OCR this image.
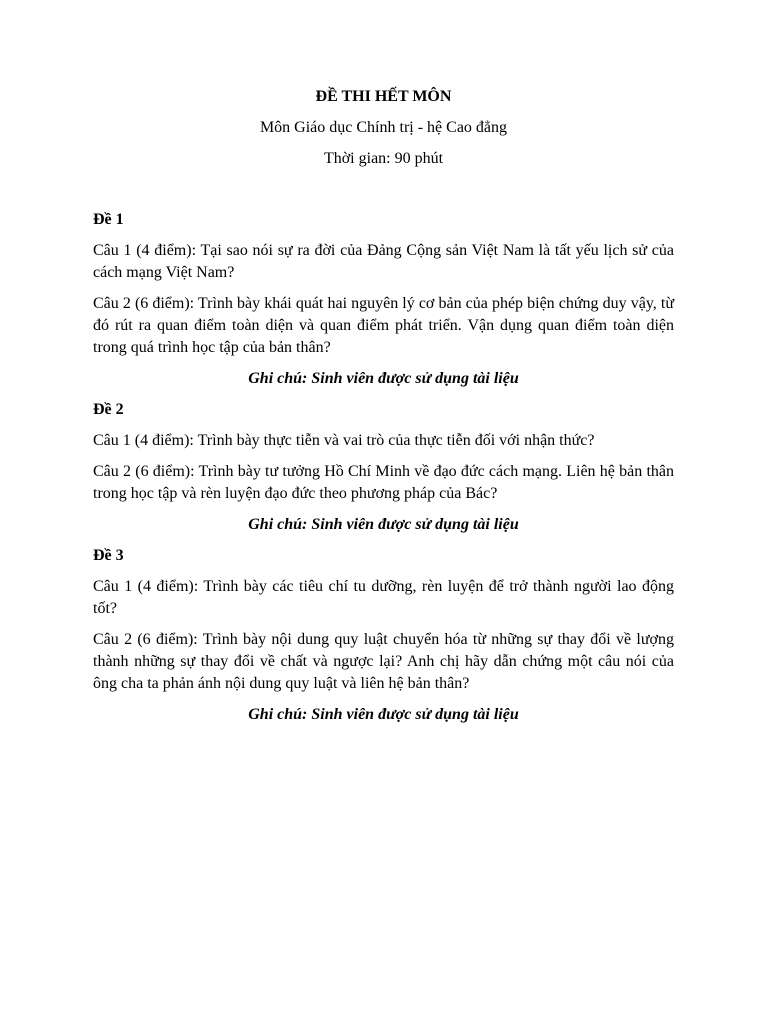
ĐỀ THI HẾT MÔN

Môn Giáo dục Chính trị - hệ Cao đẳng

Thời gian: 90 phút

Đề 1

Câu 1 (4 điểm): Tại sao nói sự ra đời của Đảng Cộng sản Việt Nam là tất yếu lịch sử của cách mạng Việt Nam?

Câu 2 (6 điểm): Trình bày khái quát hai nguyên lý cơ bản của phép biện chứng duy vậy, từ đó rút ra quan điểm toàn diện và quan điểm phát triển. Vận dụng quan điểm toàn diện trong quá trình học tập của bản thân?

Ghi chú: Sinh viên được sử dụng tài liệu

Đề 2

Câu 1 (4 điểm): Trình bày thực tiễn và vai trò của thực tiễn đối với nhận thức?

Câu 2 (6 điểm): Trình bày tư tưởng Hồ Chí Minh về đạo đức cách mạng. Liên hệ bản thân trong học tập và rèn luyện đạo đức theo phương pháp của Bác?

Ghi chú: Sinh viên được sử dụng tài liệu

Đề 3

Câu 1 (4 điểm): Trình bày các tiêu chí tu dưỡng, rèn luyện để trở thành người lao động tốt?

Câu 2 (6 điểm): Trình bày nội dung quy luật chuyển hóa từ những sự thay đổi về lượng thành những sự thay đổi về chất và ngược lại? Anh chị hãy dẫn chứng một câu nói của ông cha ta phản ánh nội dung quy luật và liên hệ bản thân?

Ghi chú: Sinh viên được sử dụng tài liệu
